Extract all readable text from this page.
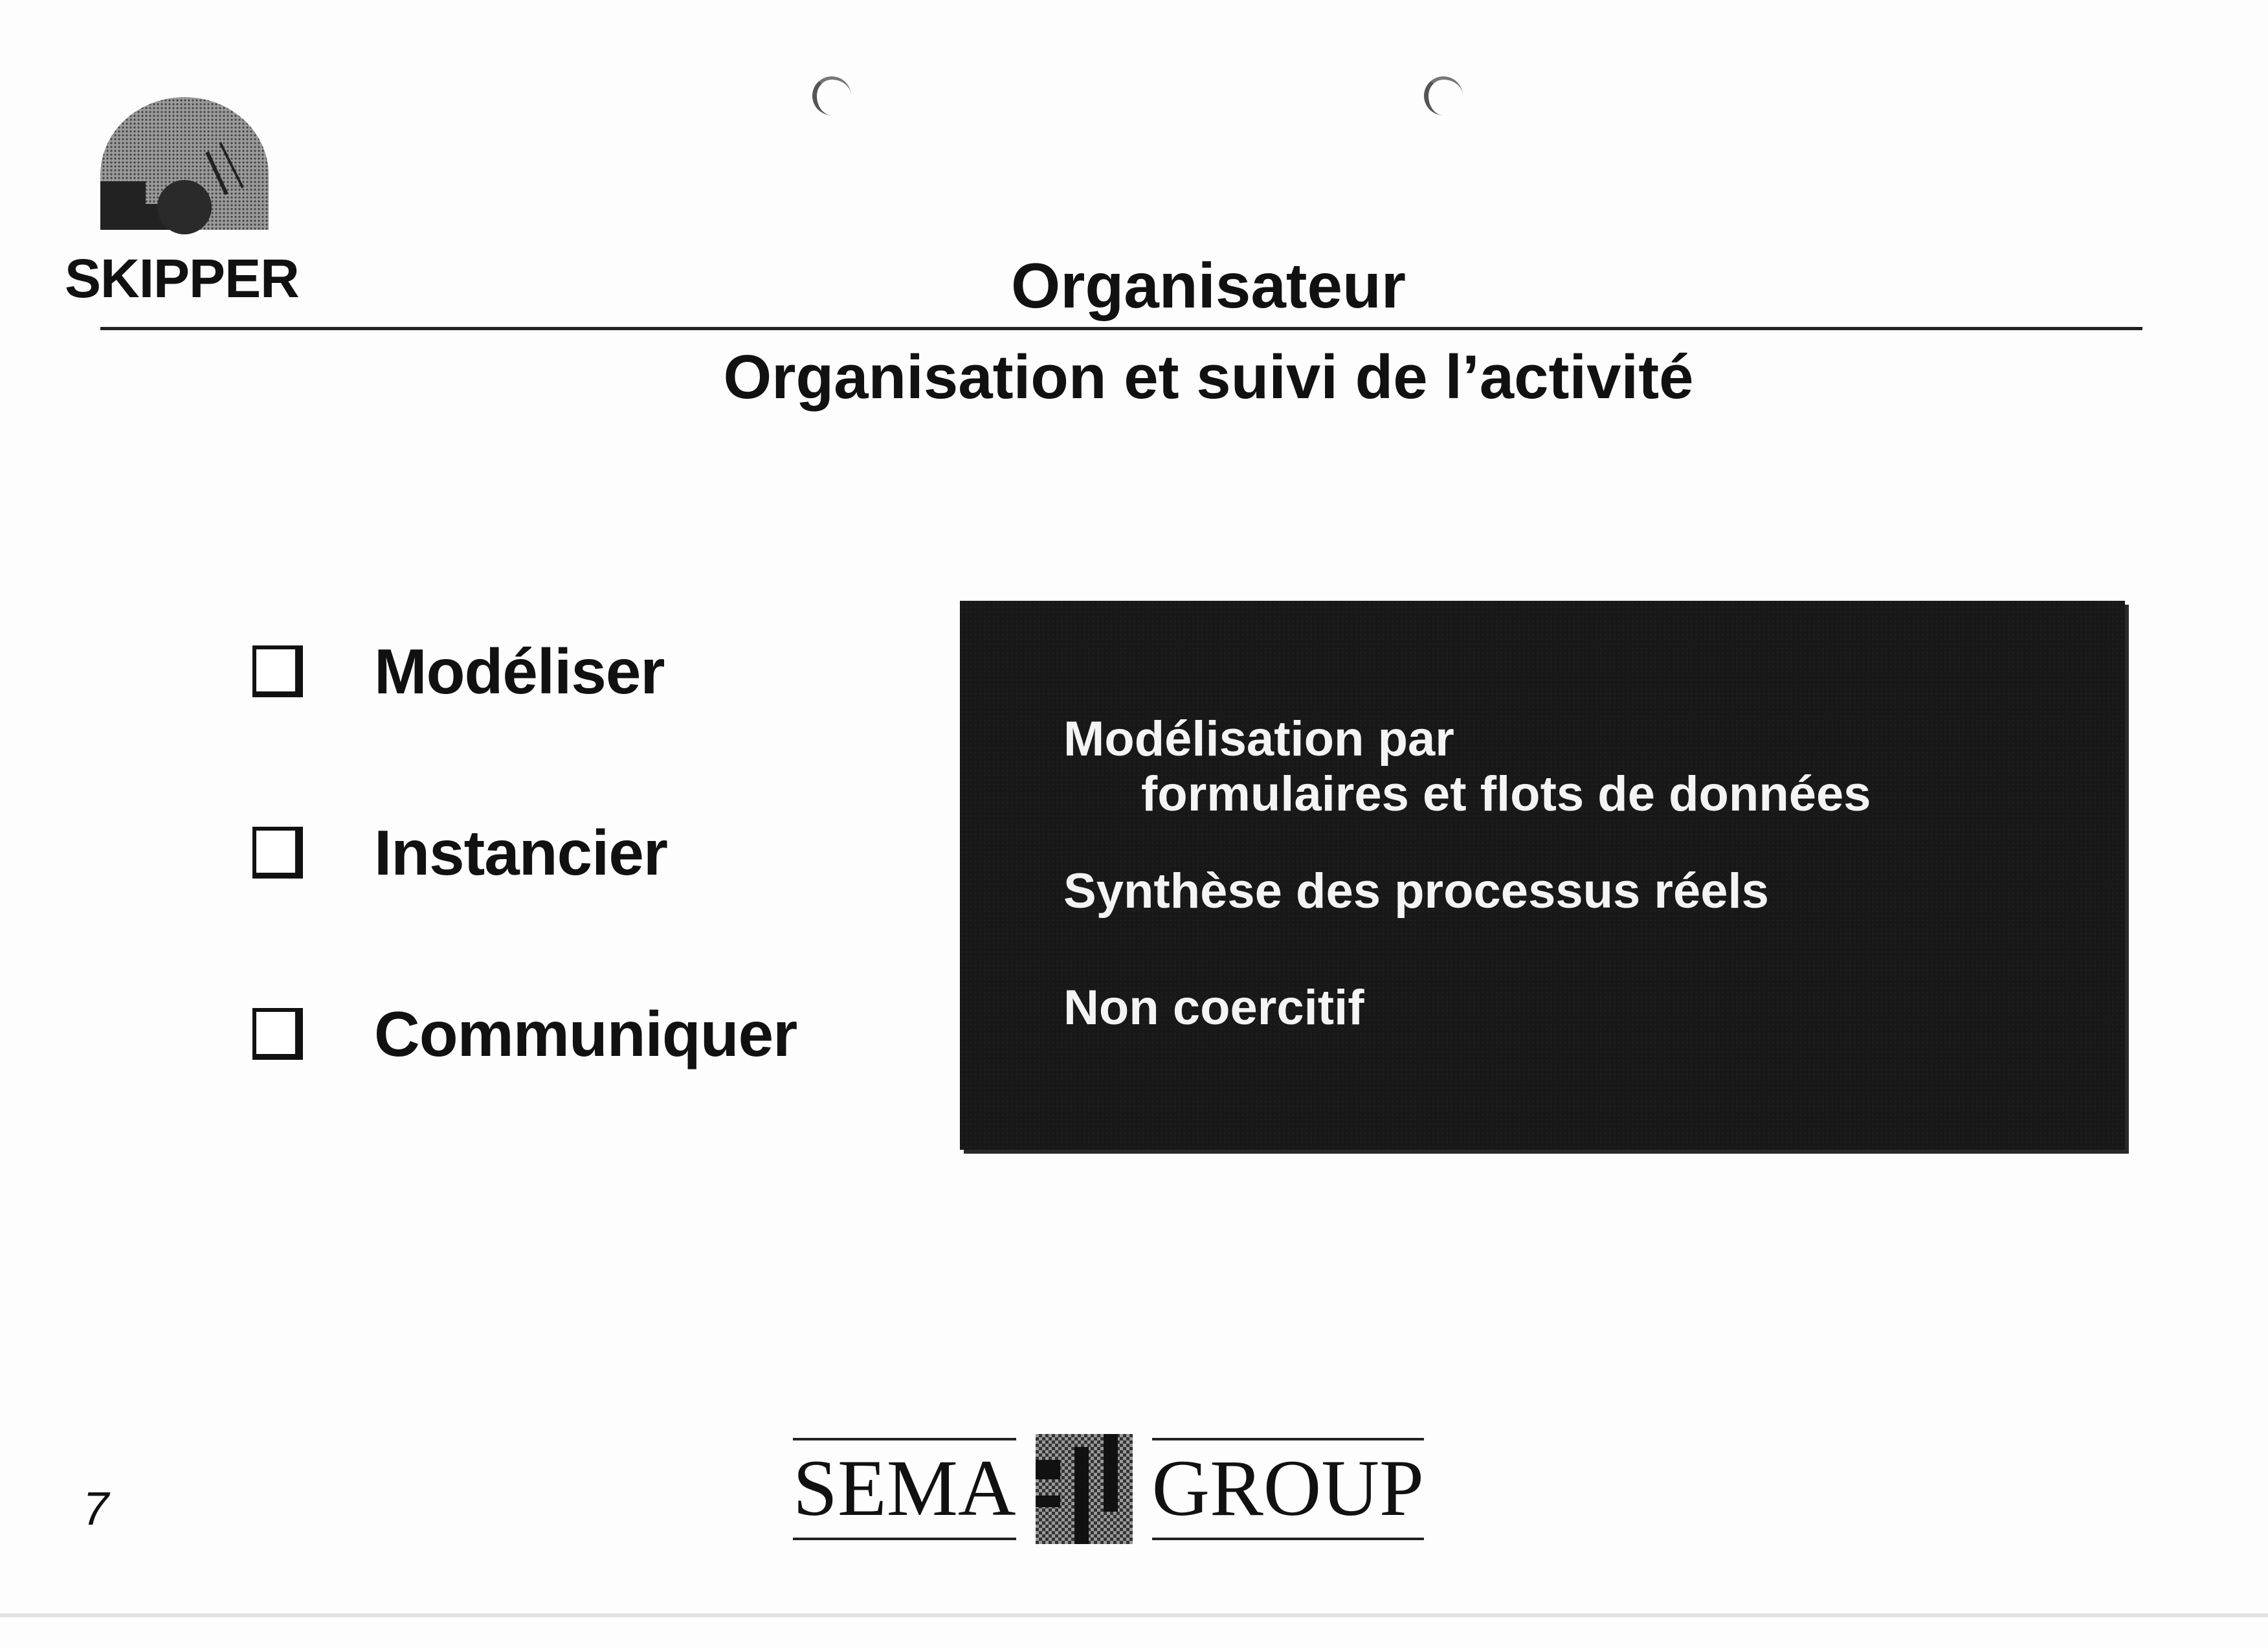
SKIPPER	Organisateur
Organisation et suivi de l’activité
Modéliser
Instancier
Communiquer
Modélisation par
formulaires et flots de données
Synthèse des processus réels
Non coercitif
7	SEMA GROUP
